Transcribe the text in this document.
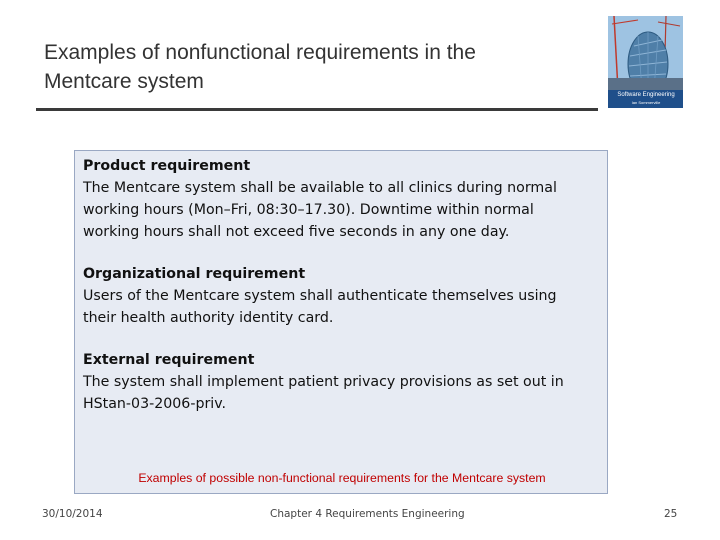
Examples of nonfunctional requirements in the
Mentcare system
Software Engineering
Ian Sommerville
Product requirement
The Mentcare system shall be available to all clinics during normal
working hours (Mon–Fri, 08:30–17.30). Downtime within normal
working hours shall not exceed five seconds in any one day.
Organizational requirement
Users of the Mentcare system shall authenticate themselves using
their health authority identity card.
External requirement
The system shall implement patient privacy provisions as set out in
HStan-03-2006-priv.
Examples of possible non-functional requirements for the Mentcare system
30/10/2014	Chapter 4 Requirements Engineering	25
